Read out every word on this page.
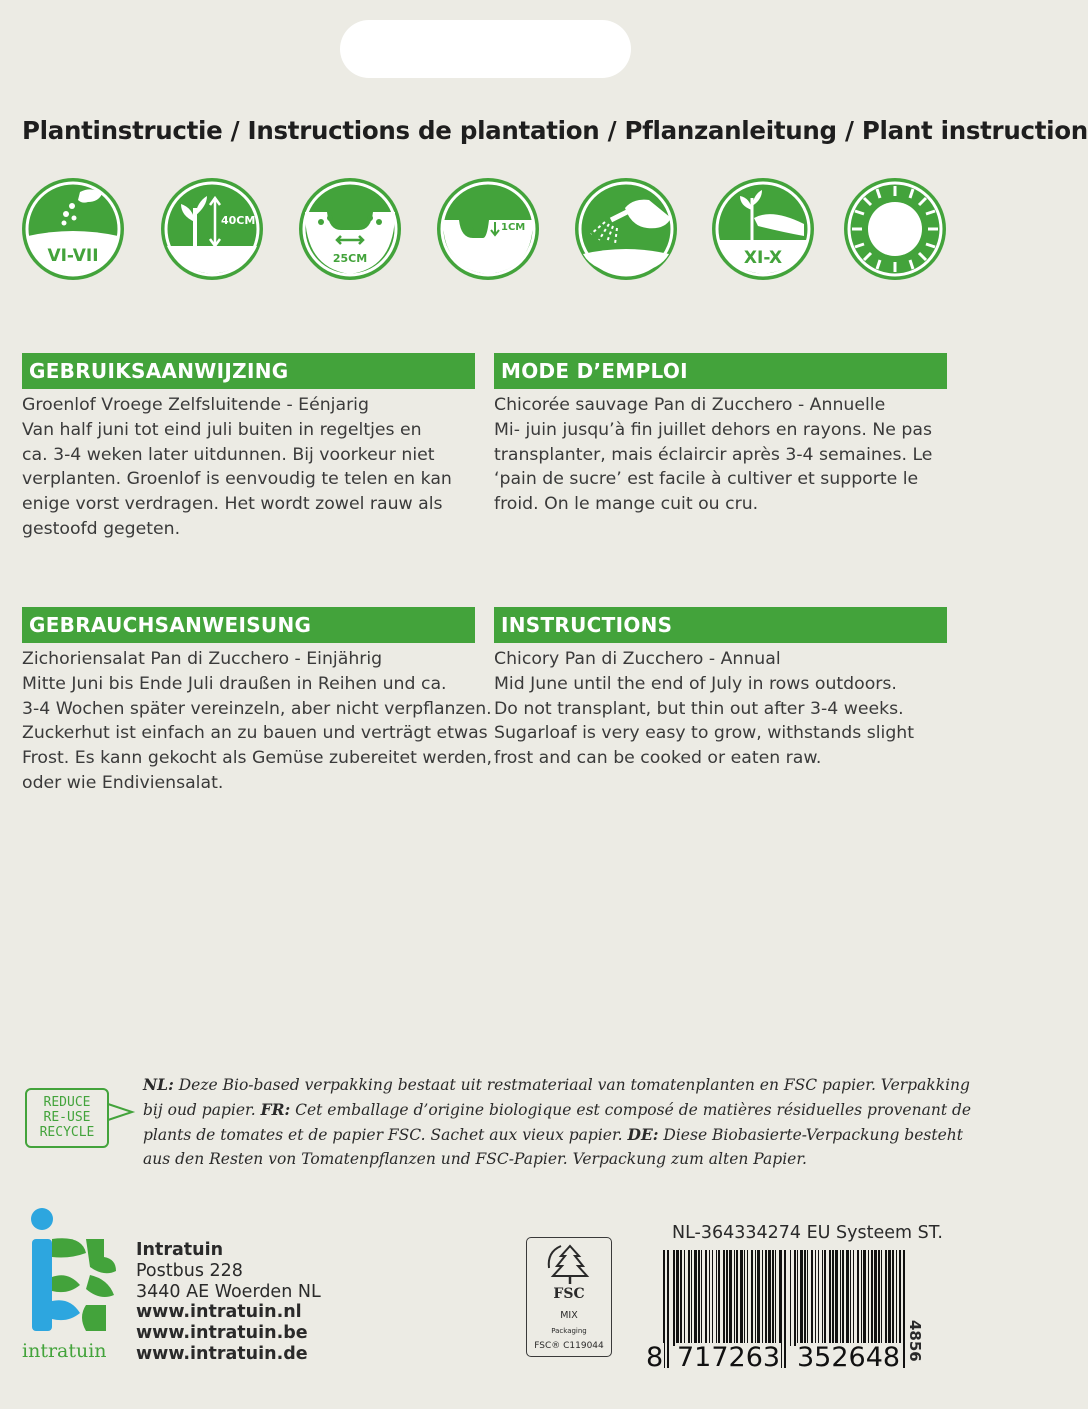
Plantinstructie / Instructions de plantation / Pflanzanleitung / Plant instruction
VI-VII
40CM
25CM
1CM
XI-X
GEBRUIKSAANWIJZING
Groenlof Vroege Zelfsluitende - Eénjarig
Van half juni tot eind juli buiten in regeltjes en
ca. 3-4 weken later uitdunnen. Bij voorkeur niet
verplanten. Groenlof is eenvoudig te telen en kan
enige vorst verdragen. Het wordt zowel rauw als
gestoofd gegeten.
MODE D’EMPLOI
Chicorée sauvage Pan di Zucchero - Annuelle
Mi- juin jusqu’à fin juillet dehors en rayons. Ne pas
transplanter, mais éclaircir après 3-4 semaines. Le
‘pain de sucre’ est facile à cultiver et supporte le
froid. On le mange cuit ou cru.
GEBRAUCHSANWEISUNG
Zichoriensalat Pan di Zucchero - Einjährig
Mitte Juni bis Ende Juli draußen in Reihen und ca.
3-4 Wochen später vereinzeln, aber nicht verpflanzen.
Zuckerhut ist einfach an zu bauen und verträgt etwas
Frost. Es kann gekocht als Gemüse zubereitet werden,
oder wie Endiviensalat.
INSTRUCTIONS
Chicory Pan di Zucchero - Annual
Mid June until the end of July in rows outdoors.
Do not transplant, but thin out after 3-4 weeks.
Sugarloaf is very easy to grow, withstands slight
frost and can be cooked or eaten raw.
REDUCE
RE-USE
RECYCLE
NL: Deze Bio-based verpakking bestaat uit restmateriaal van tomatenplanten en FSC papier. Verpakking
bij oud papier. FR: Cet emballage d’origine biologique est composé de matières résiduelles provenant de
plants de tomates et de papier FSC. Sachet aux vieux papier. DE: Diese Biobasierte-Verpackung besteht
aus den Resten von Tomatenpflanzen und FSC-Papier. Verpackung zum alten Papier.
intratuin
Intratuin
Postbus 228
3440 AE Woerden NL
www.intratuin.nl
www.intratuin.be
www.intratuin.de
FSC
MIX
Packaging
FSC® C119044
NL-364334274 EU Systeem ST.
8 717263 352648 4856
